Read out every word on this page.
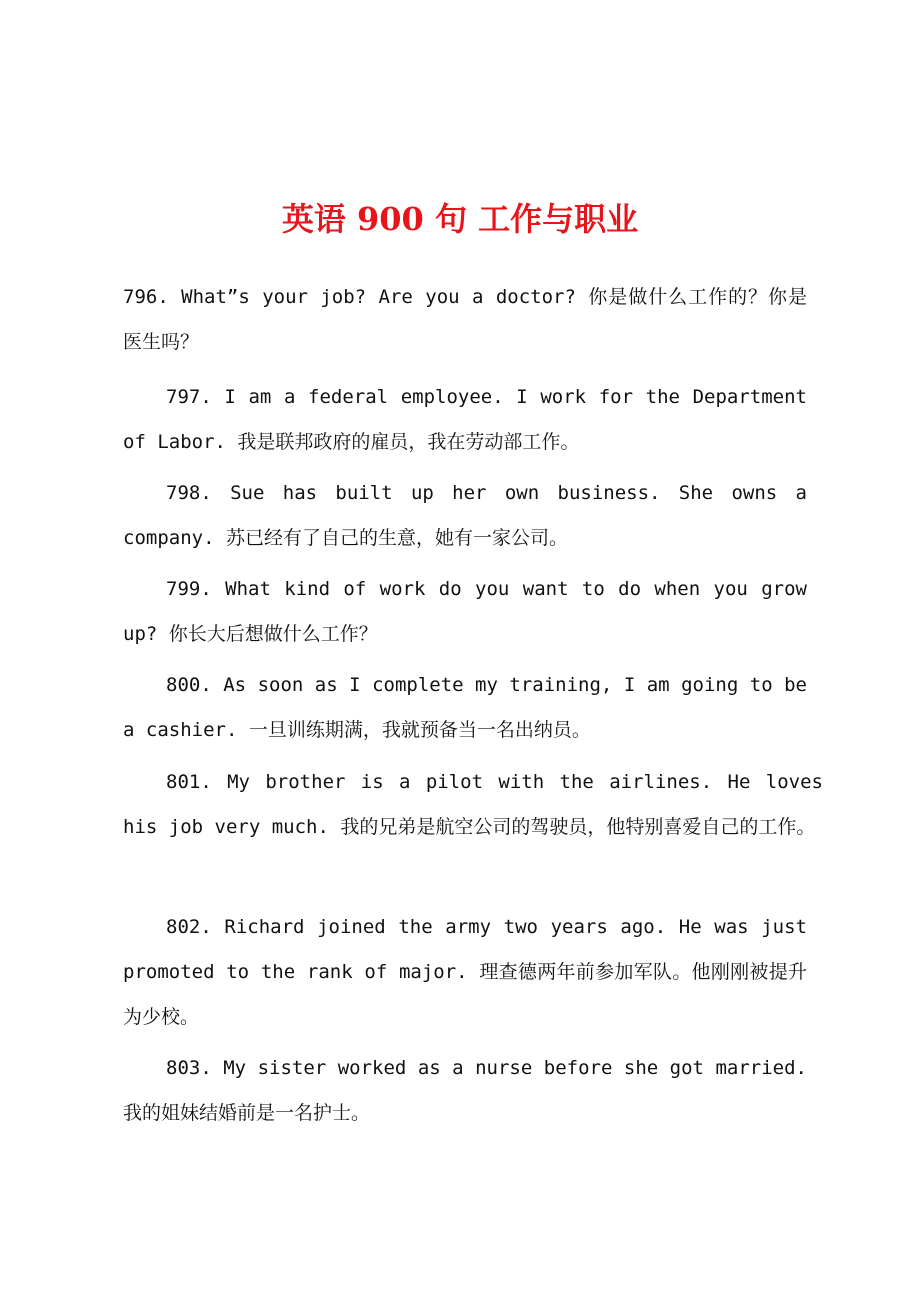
英语 900 句 工作与职业

796. What”s your job? Are you a doctor? 你是做什么工作的？你是医生吗？

797. I am a federal employee. I work for the Department of Labor. 我是联邦政府的雇员，我在劳动部工作。

798. Sue has built up her own business. She owns a company. 苏已经有了自己的生意，她有一家公司。

799. What kind of work do you want to do when you grow up? 你长大后想做什么工作？

800. As soon as I complete my training, I am going to be a cashier. 一旦训练期满，我就预备当一名出纳员。

801. My brother is a pilot with the airlines. He loves his job very much. 我的兄弟是航空公司的驾驶员，他特别喜爱自己的工作。

802. Richard joined the army two years ago. He was just promoted to the rank of major. 理查德两年前参加军队。他刚刚被提升为少校。

803. My sister worked as a nurse before she got married. 我的姐妹结婚前是一名护士。
